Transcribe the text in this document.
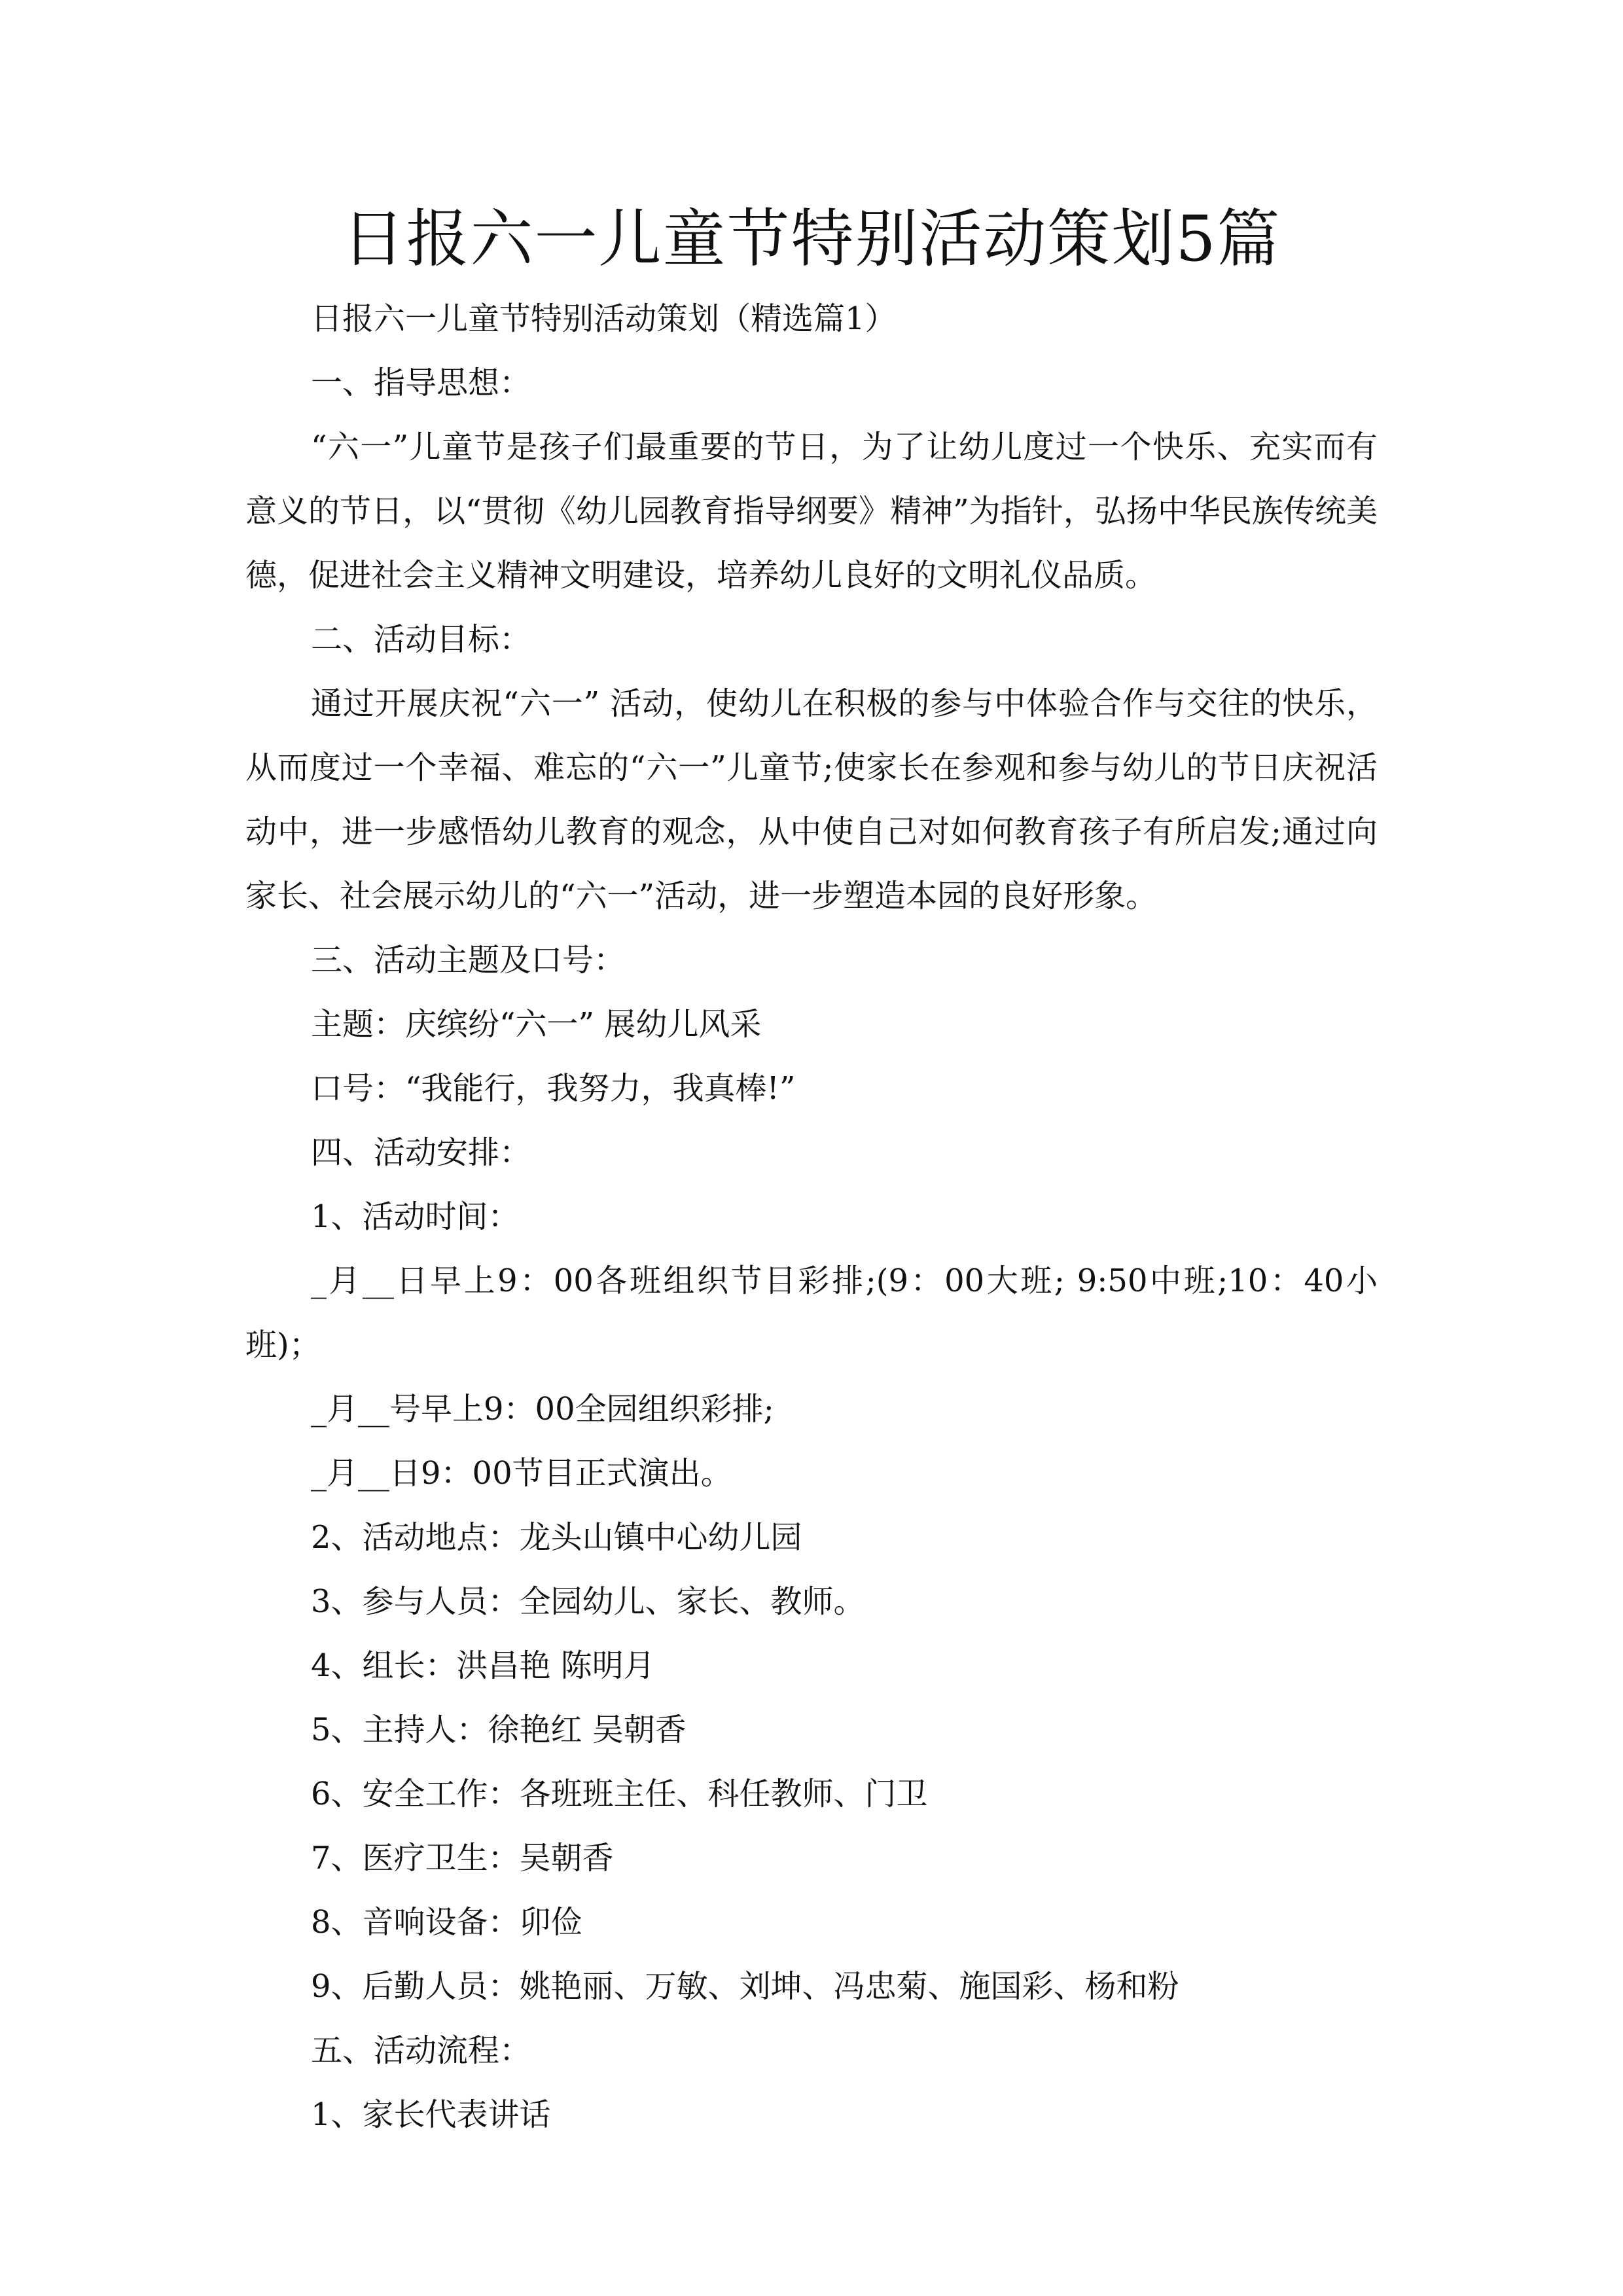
日报六一儿童节特别活动策划5篇

日报六一儿童节特别活动策划（精选篇1）

一、指导思想：

“六一”儿童节是孩子们最重要的节日，为了让幼儿度过一个快乐、充实而有意义的节日，以“贯彻《幼儿园教育指导纲要》精神”为指针，弘扬中华民族传统美德，促进社会主义精神文明建设，培养幼儿良好的文明礼仪品质。

二、活动目标：

通过开展庆祝“六一” 活动，使幼儿在积极的参与中体验合作与交往的快乐，从而度过一个幸福、难忘的“六一”儿童节;使家长在参观和参与幼儿的节日庆祝活动中，进一步感悟幼儿教育的观念，从中使自己对如何教育孩子有所启发;通过向家长、社会展示幼儿的“六一”活动，进一步塑造本园的良好形象。

三、活动主题及口号：

主题：庆缤纷“六一” 展幼儿风采

口号：“我能行，我努力，我真棒!”

四、活动安排：

1、活动时间：

_月__日早上9：00各班组织节目彩排;(9：00大班; 9:50中班;10：40小班)；

_月__号早上9：00全园组织彩排;

_月__日9：00节目正式演出。

2、活动地点：龙头山镇中心幼儿园

3、参与人员：全园幼儿、家长、教师。

4、组长：洪昌艳 陈明月

5、主持人：徐艳红 吴朝香

6、安全工作：各班班主任、科任教师、门卫

7、医疗卫生：吴朝香

8、音响设备：卯俭

9、后勤人员：姚艳丽、万敏、刘坤、冯忠菊、施国彩、杨和粉

五、活动流程：

1、家长代表讲话
